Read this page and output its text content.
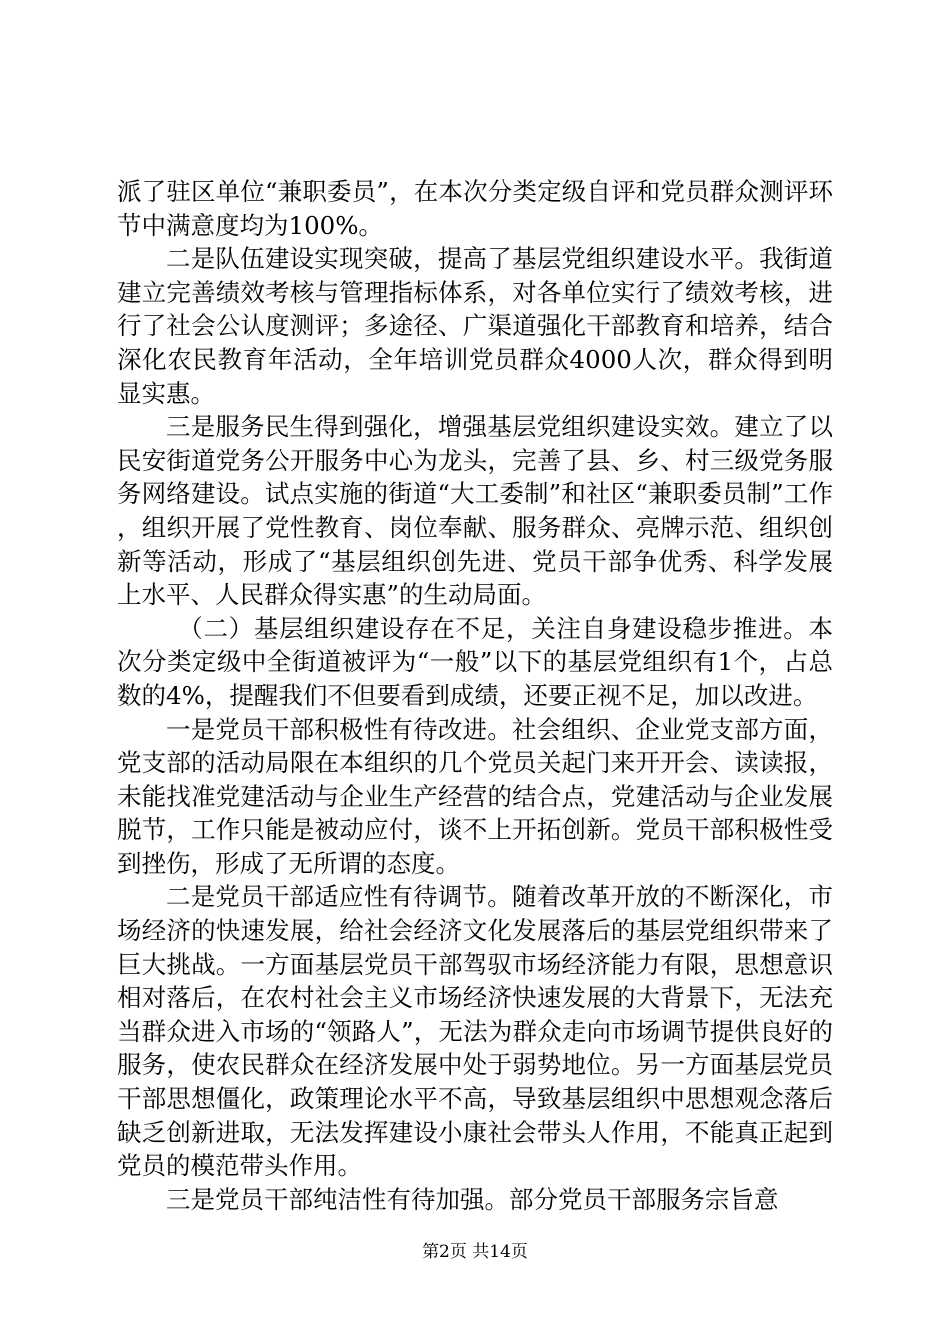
派了驻区单位“兼职委员”，在本次分类定级自评和党员群众测评环节中满意度均为100%。

二是队伍建设实现突破，提高了基层党组织建设水平。我街道建立完善绩效考核与管理指标体系，对各单位实行了绩效考核，进行了社会公认度测评；多途径、广渠道强化干部教育和培养，结合深化农民教育年活动，全年培训党员群众4000人次，群众得到明显实惠。

三是服务民生得到强化，增强基层党组织建设实效。建立了以民安街道党务公开服务中心为龙头，完善了县、乡、村三级党务服务网络建设。试点实施的街道“大工委制”和社区“兼职委员制”工作，组织开展了党性教育、岗位奉献、服务群众、亮牌示范、组织创新等活动，形成了“基层组织创先进、党员干部争优秀、科学发展上水平、人民群众得实惠”的生动局面。

（二）基层组织建设存在不足，关注自身建设稳步推进。本次分类定级中全街道被评为“一般”以下的基层党组织有1个，占总数的4%，提醒我们不但要看到成绩，还要正视不足，加以改进。

一是党员干部积极性有待改进。社会组织、企业党支部方面，党支部的活动局限在本组织的几个党员关起门来开开会、读读报，未能找准党建活动与企业生产经营的结合点，党建活动与企业发展脱节，工作只能是被动应付，谈不上开拓创新。党员干部积极性受到挫伤，形成了无所谓的态度。

二是党员干部适应性有待调节。随着改革开放的不断深化，市场经济的快速发展，给社会经济文化发展落后的基层党组织带来了巨大挑战。一方面基层党员干部驾驭市场经济能力有限，思想意识相对落后，在农村社会主义市场经济快速发展的大背景下，无法充当群众进入市场的“领路人”，无法为群众走向市场调节提供良好的服务，使农民群众在经济发展中处于弱势地位。另一方面基层党员干部思想僵化，政策理论水平不高，导致基层组织中思想观念落后缺乏创新进取，无法发挥建设小康社会带头人作用，不能真正起到党员的模范带头作用。

三是党员干部纯洁性有待加强。部分党员干部服务宗旨意

第2页 共14页
